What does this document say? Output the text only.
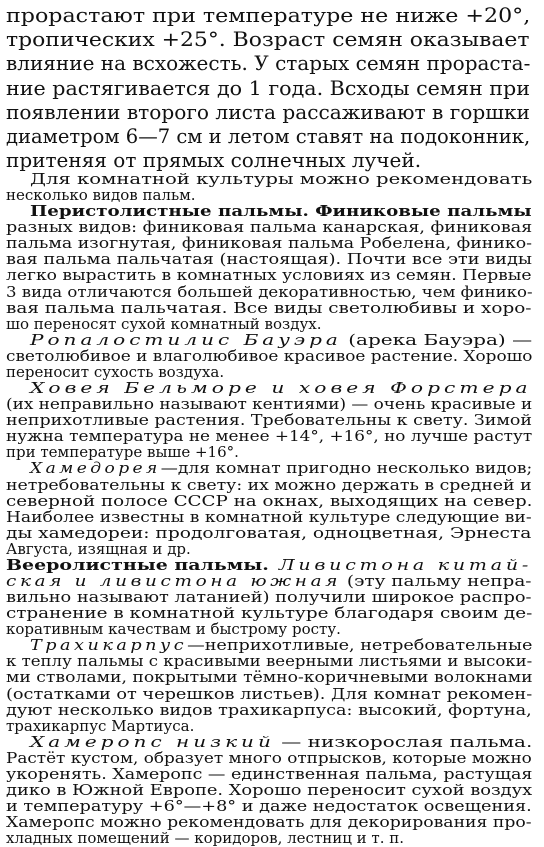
прорастают при температуре не ниже +20°,
тропических +25°. Возраст семян оказывает
влияние на всхожесть. У старых семян прораста-
ние растягивается до 1 года. Всходы семян при
появлении второго листа рассаживают в горшки
диаметром 6—7 см и летом ставят на подоконник,
притеняя от прямых солнечных лучей.
Для комнатной культуры можно рекомендовать
несколько видов пальм.
Перистолистные пальмы. Финиковые пальмы
разных видов: финиковая пальма канарская, финиковая
пальма изогнутая, финиковая пальма Робелена, финико-
вая пальма пальчатая (настоящая). Почти все эти виды
легко вырастить в комнатных условиях из семян. Первые
3 вида отличаются большей декоративностью, чем финико-
вая пальма пальчатая. Все виды светолюбивы и хоро-
шо переносят сухой комнатный воздух.
Ропалостилис Бауэра (арека Бауэра) —
светолюбивое и влаголюбивое красивое растение. Хорошо
переносит сухость воздуха.
Ховея Бельморе и ховея Форстера
(их неправильно называют кентиями) — очень красивые и
неприхотливые растения. Требовательны к свету. Зимой
нужна температура не менее +14°, +16°, но лучше растут
при температуре выше +16°.
Хамедорея—для комнат пригодно несколько видов;
нетребовательны к свету: их можно держать в средней и
северной полосе СССР на окнах, выходящих на север.
Наиболее известны в комнатной культуре следующие ви-
ды хамедореи: продолговатая, одноцветная, Эрнеста
Августа, изящная и др.
Вееролистные пальмы. Ливистона китай-
ская и ливистона южная (эту пальму непра-
вильно называют латанией) получили широкое распро-
странение в комнатной культуре благодаря своим де-
коративным качествам и быстрому росту.
Трахикарпус—неприхотливые, нетребовательные
к теплу пальмы с красивыми веерными листьями и высоки-
ми стволами, покрытыми тёмно-коричневыми волокнами
(остатками от черешков листьев). Для комнат рекомен-
дуют несколько видов трахикарпуса: высокий, фортуна,
трахикарпус Мартиуса.
Хамеропс низкий — низкорослая пальма.
Растёт кустом, образует много отпрысков, которые можно
укоренять. Хамеропс — единственная пальма, растущая
дико в Южной Европе. Хорошо переносит сухой воздух
и температуру +6°—+8° и даже недостаток освещения.
Хамеропс можно рекомендовать для декорирования про-
хладных помещений — коридоров, лестниц и т. п.
